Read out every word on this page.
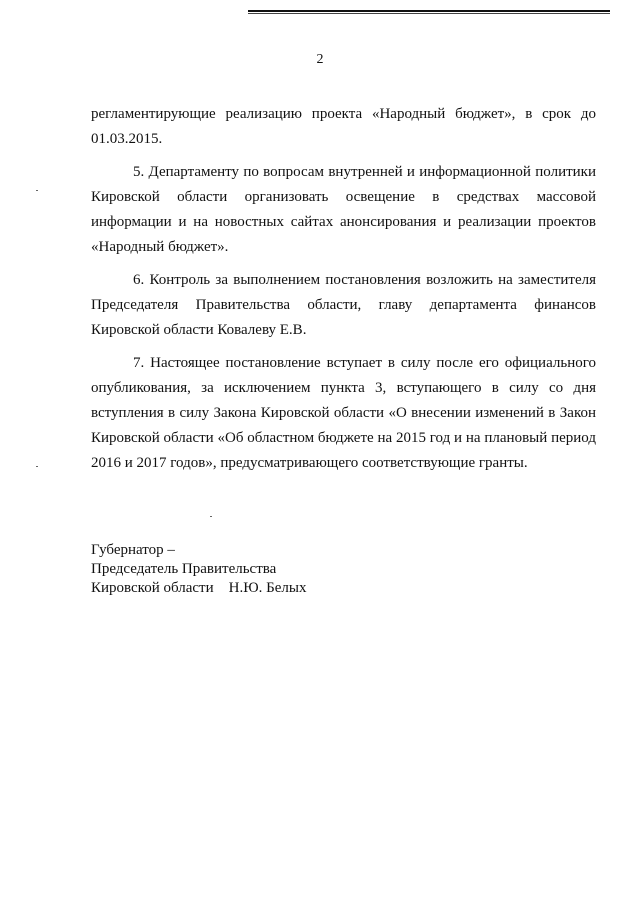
2

регламентирующие реализацию проекта «Народный бюджет», в срок до 01.03.2015.

5. Департаменту по вопросам внутренней и информационной политики Кировской области организовать освещение в средствах массовой информации и на новостных сайтах анонсирования и реализации проектов «Народный бюджет».

6. Контроль за выполнением постановления возложить на заместителя Председателя Правительства области, главу департамента финансов Кировской области Ковалеву Е.В.

7. Настоящее постановление вступает в силу после его официального опубликования, за исключением пункта 3, вступающего в силу со дня вступления в силу Закона Кировской области «О внесении изменений в Закон Кировской области «Об областном бюджете на 2015 год и на плановый период 2016 и 2017 годов», предусматривающего соответствующие гранты.

Губернатор –
Председатель Правительства
Кировской области    Н.Ю. Белых
